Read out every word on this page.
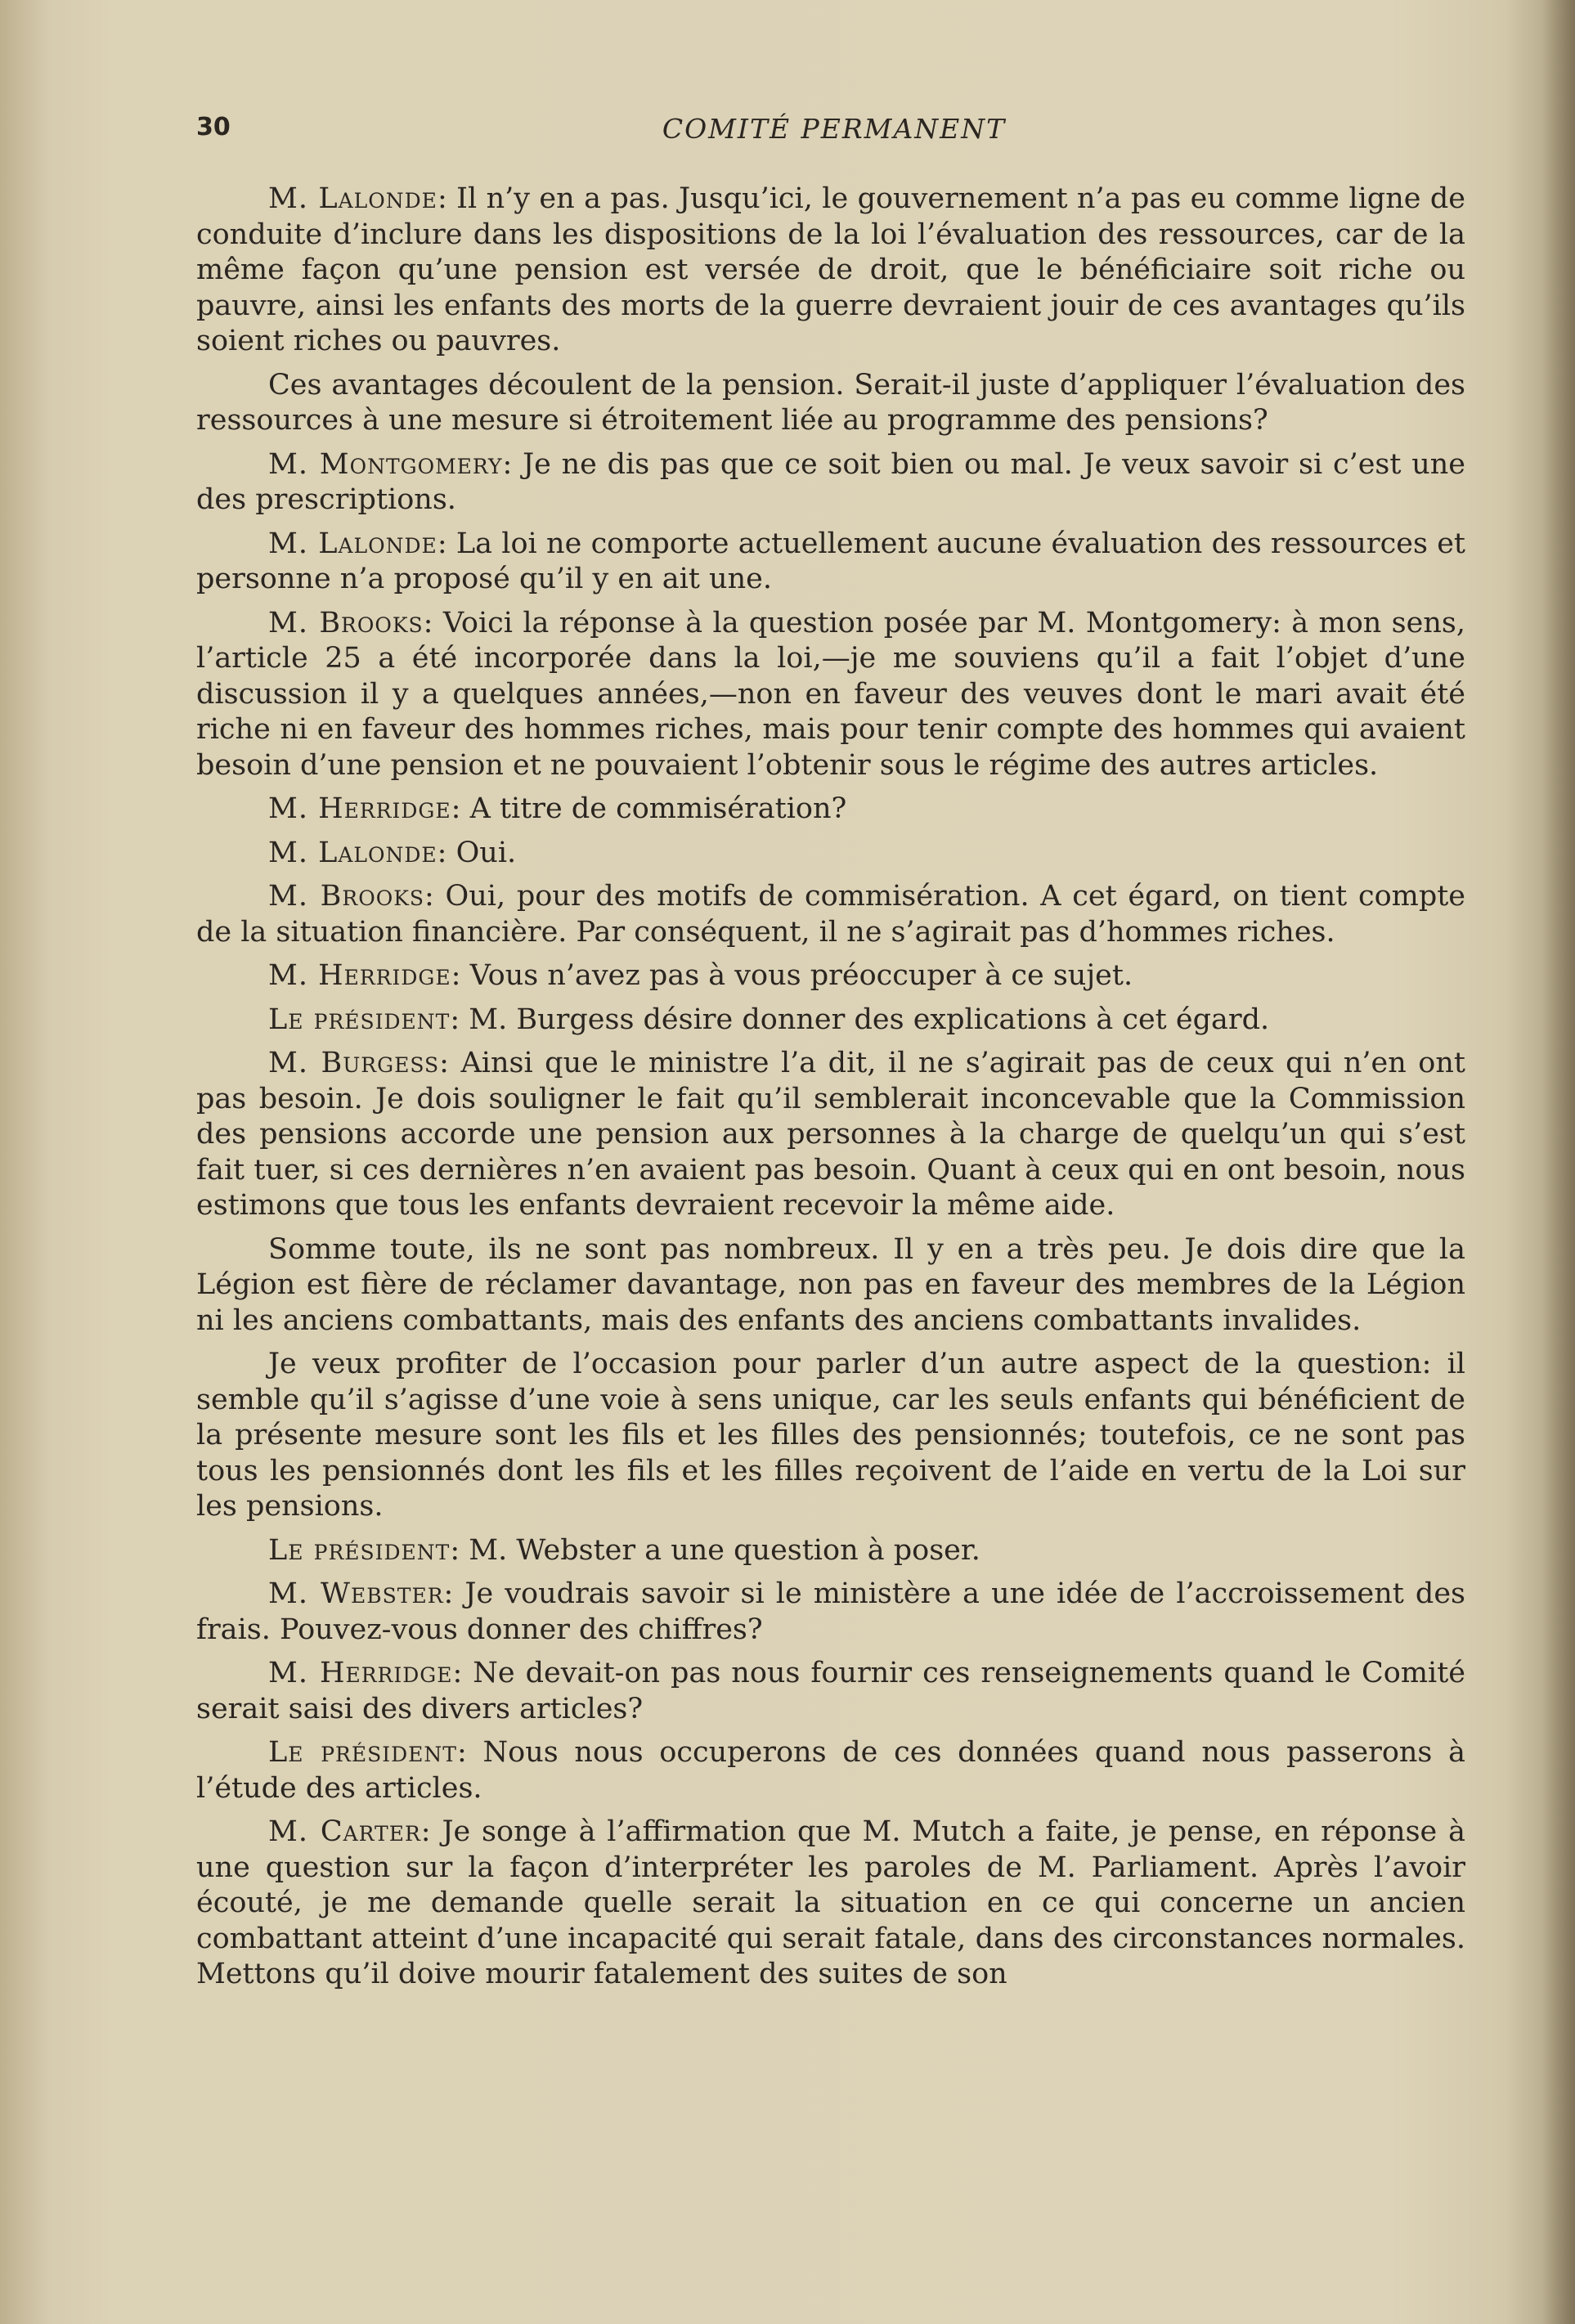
30	COMITÉ PERMANENT

M. Lalonde: Il n’y en a pas. Jusqu’ici, le gouvernement n’a pas eu comme ligne de conduite d’inclure dans les dispositions de la loi l’évaluation des ressources, car de la même façon qu’une pension est versée de droit, que le bénéficiaire soit riche ou pauvre, ainsi les enfants des morts de la guerre devraient jouir de ces avantages qu’ils soient riches ou pauvres.

Ces avantages découlent de la pension. Serait-il juste d’appliquer l’évaluation des ressources à une mesure si étroitement liée au programme des pensions?

M. Montgomery: Je ne dis pas que ce soit bien ou mal. Je veux savoir si c’est une des prescriptions.

M. Lalonde: La loi ne comporte actuellement aucune évaluation des ressources et personne n’a proposé qu’il y en ait une.

M. Brooks: Voici la réponse à la question posée par M. Montgomery: à mon sens, l’article 25 a été incorporée dans la loi,—je me souviens qu’il a fait l’objet d’une discussion il y a quelques années,—non en faveur des veuves dont le mari avait été riche ni en faveur des hommes riches, mais pour tenir compte des hommes qui avaient besoin d’une pension et ne pouvaient l’obtenir sous le régime des autres articles.

M. Herridge: A titre de commisération?

M. Lalonde: Oui.

M. Brooks: Oui, pour des motifs de commisération. A cet égard, on tient compte de la situation financière. Par conséquent, il ne s’agirait pas d’hommes riches.

M. Herridge: Vous n’avez pas à vous préoccuper à ce sujet.

Le président: M. Burgess désire donner des explications à cet égard.

M. Burgess: Ainsi que le ministre l’a dit, il ne s’agirait pas de ceux qui n’en ont pas besoin. Je dois souligner le fait qu’il semblerait inconcevable que la Commission des pensions accorde une pension aux personnes à la charge de quelqu’un qui s’est fait tuer, si ces dernières n’en avaient pas besoin. Quant à ceux qui en ont besoin, nous estimons que tous les enfants devraient recevoir la même aide.

Somme toute, ils ne sont pas nombreux. Il y en a très peu. Je dois dire que la Légion est fière de réclamer davantage, non pas en faveur des membres de la Légion ni les anciens combattants, mais des enfants des anciens combattants invalides.

Je veux profiter de l’occasion pour parler d’un autre aspect de la question: il semble qu’il s’agisse d’une voie à sens unique, car les seuls enfants qui bénéficient de la présente mesure sont les fils et les filles des pensionnés; toutefois, ce ne sont pas tous les pensionnés dont les fils et les filles reçoivent de l’aide en vertu de la Loi sur les pensions.

Le président: M. Webster a une question à poser.

M. Webster: Je voudrais savoir si le ministère a une idée de l’accroissement des frais. Pouvez-vous donner des chiffres?

M. Herridge: Ne devait-on pas nous fournir ces renseignements quand le Comité serait saisi des divers articles?

Le président: Nous nous occuperons de ces données quand nous passerons à l’étude des articles.

M. Carter: Je songe à l’affirmation que M. Mutch a faite, je pense, en réponse à une question sur la façon d’interpréter les paroles de M. Parliament. Après l’avoir écouté, je me demande quelle serait la situation en ce qui concerne un ancien combattant atteint d’une incapacité qui serait fatale, dans des circonstances normales. Mettons qu’il doive mourir fatalement des suites de son
